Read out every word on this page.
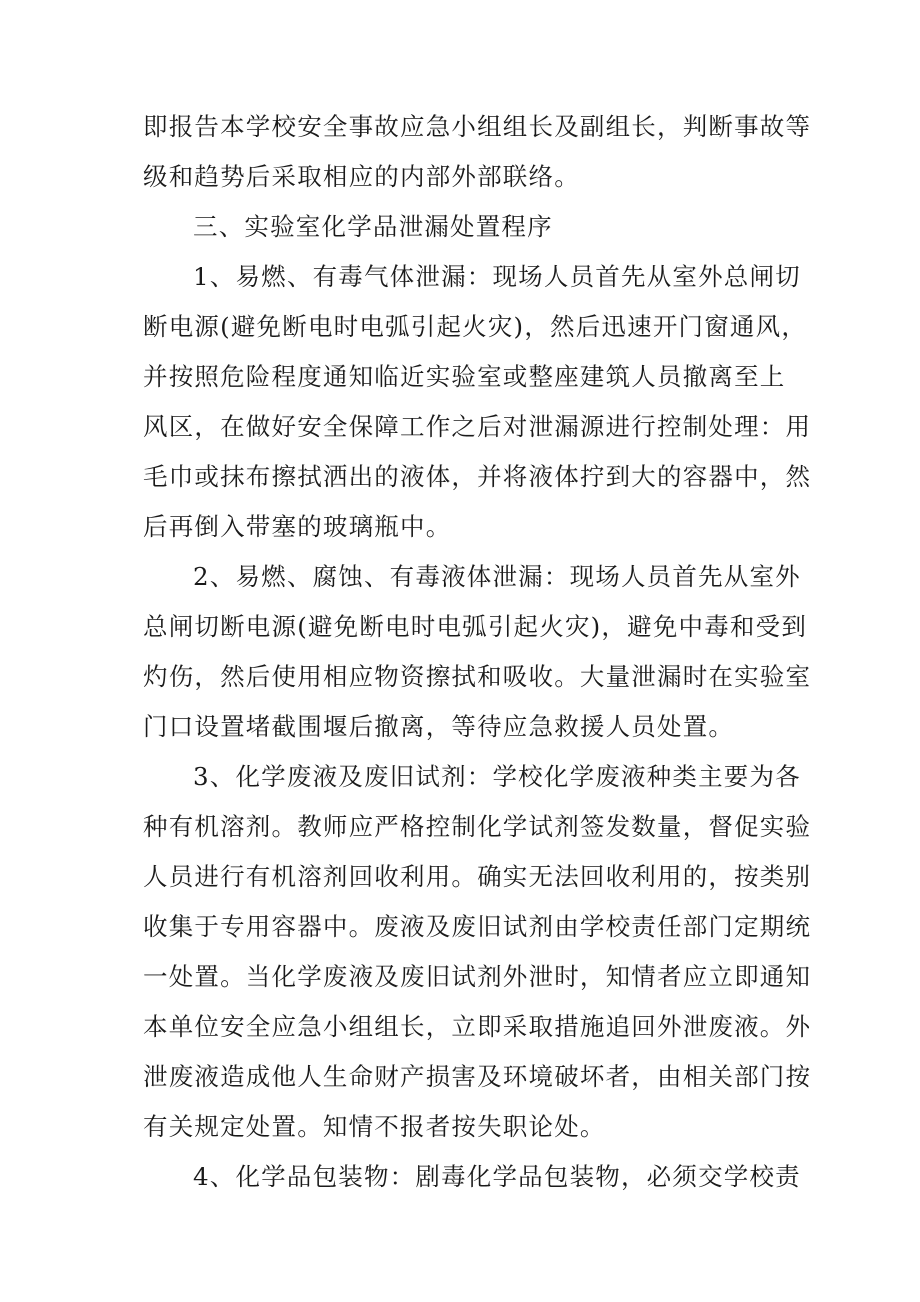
即报告本学校安全事故应急小组组长及副组长，判断事故等
级和趋势后采取相应的内部外部联络。
三、实验室化学品泄漏处置程序
1、易燃、有毒气体泄漏：现场人员首先从室外总闸切
断电源(避免断电时电弧引起火灾)，然后迅速开门窗通风，
并按照危险程度通知临近实验室或整座建筑人员撤离至上
风区，在做好安全保障工作之后对泄漏源进行控制处理：用
毛巾或抹布擦拭洒出的液体，并将液体拧到大的容器中，然
后再倒入带塞的玻璃瓶中。
2、易燃、腐蚀、有毒液体泄漏：现场人员首先从室外
总闸切断电源(避免断电时电弧引起火灾)，避免中毒和受到
灼伤，然后使用相应物资擦拭和吸收。大量泄漏时在实验室
门口设置堵截围堰后撤离，等待应急救援人员处置。
3、化学废液及废旧试剂：学校化学废液种类主要为各
种有机溶剂。教师应严格控制化学试剂签发数量，督促实验
人员进行有机溶剂回收利用。确实无法回收利用的，按类别
收集于专用容器中。废液及废旧试剂由学校责任部门定期统
一处置。当化学废液及废旧试剂外泄时，知情者应立即通知
本单位安全应急小组组长，立即采取措施追回外泄废液。外
泄废液造成他人生命财产损害及环境破坏者，由相关部门按
有关规定处置。知情不报者按失职论处。
4、化学品包装物：剧毒化学品包装物，必须交学校责
